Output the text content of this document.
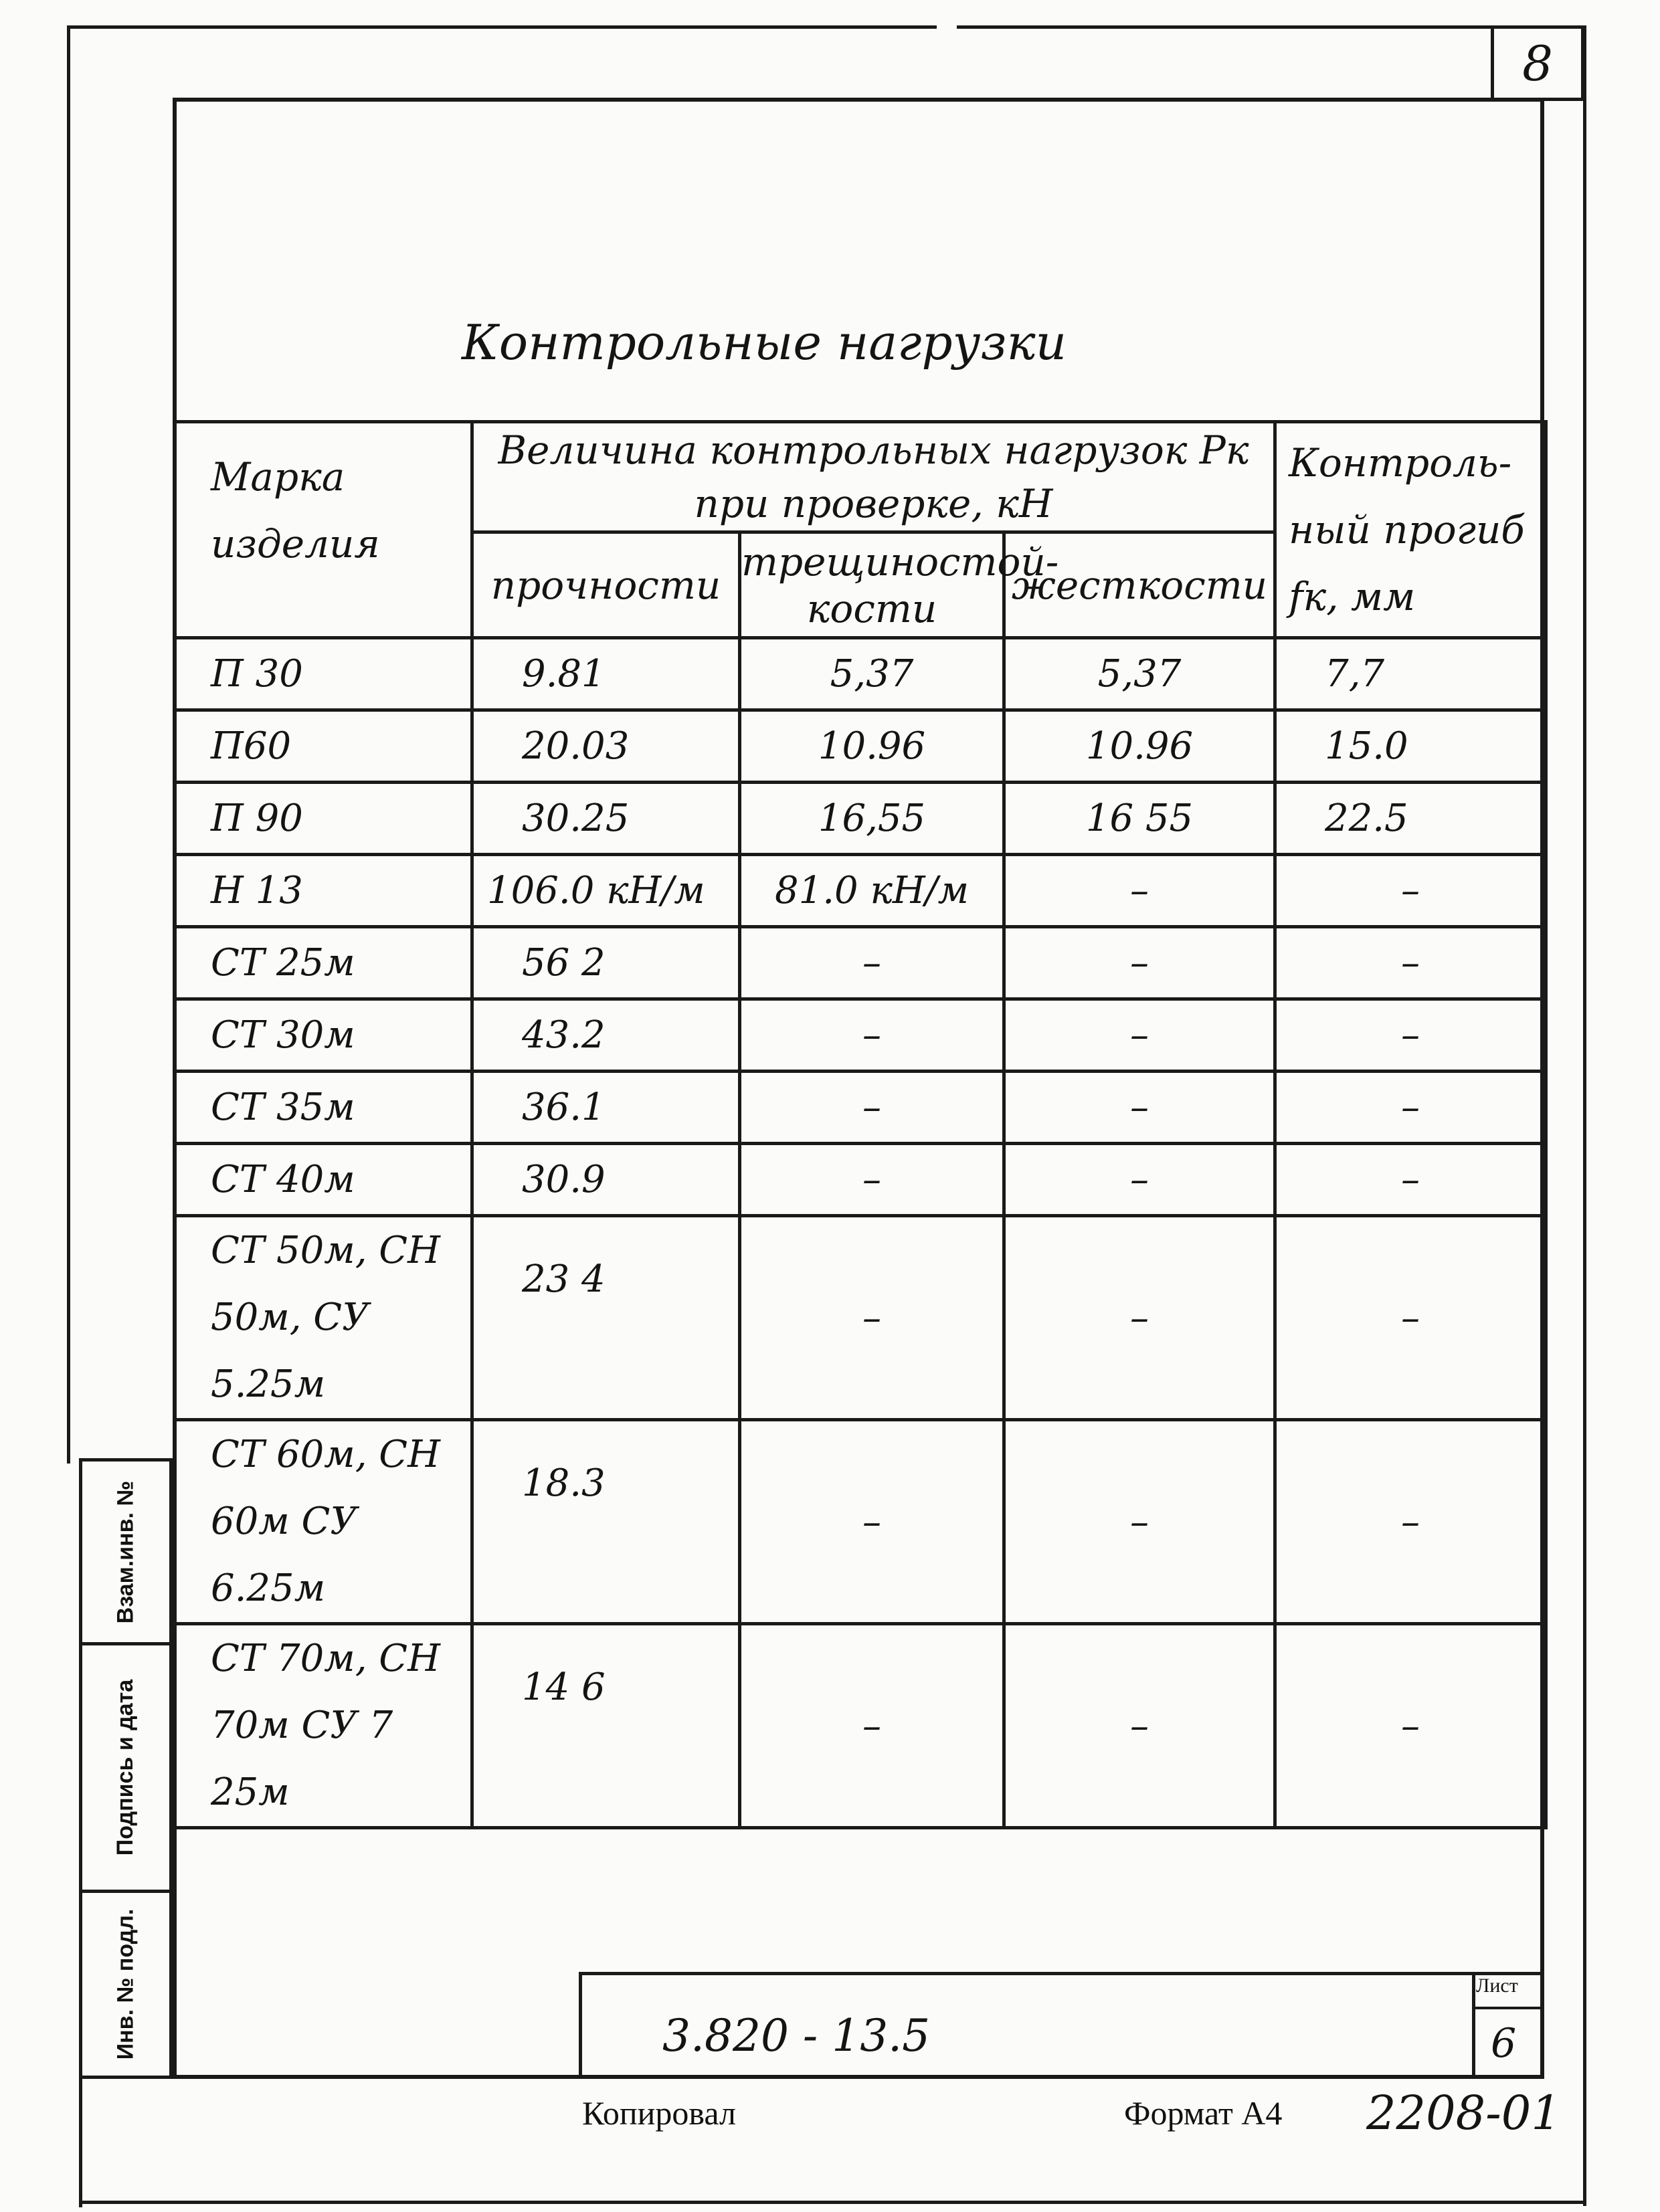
8
Контрольные нагрузки
Марка изделия	Величина контрольных нагрузок Рк при проверке, кН			Контроль-ный прогиб fк, мм
	прочности	трещиностой-кости	жесткости	
П 30	9.81	5,37	5,37	7,7
П60	20.03	10.96	10.96	15.0
П 90	30.25	16,55	16 55	22.5
Н 13	106.0 кН/м	81.0 кН/м	–	–
СТ 25м	56 2	–	–	–
СТ 30м	43.2	–	–	–
СТ 35м	36.1	–	–	–
СТ 40м	30.9	–	–	–
СТ 50м, СН 50м, СУ 5.25м	23 4	–	–	–
СТ 60м, СН 60м СУ 6.25м	18.3	–	–	–
СТ 70м, СН 70м СУ 7 25м	14 6	–	–	–
Взам.инв. №
Подпись и дата
Инв. № подл.	3.820 - 13.5
Лист
6
Копировал	Формат А4 2208-01
